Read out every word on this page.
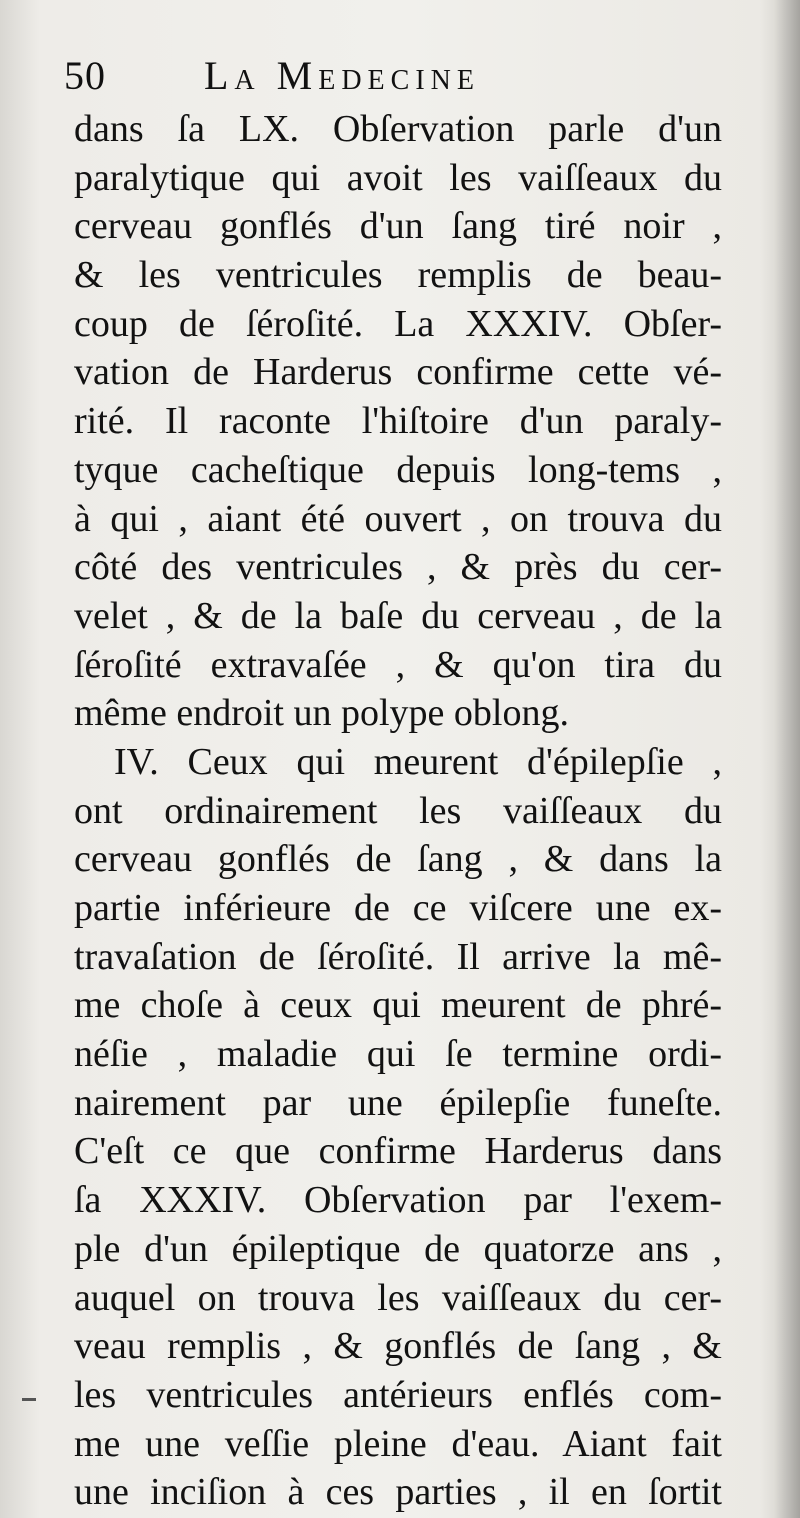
50 La Medecine
dans ſa LX. Obſervation parle d'un
paralytique qui avoit les vaiſſeaux du
cerveau gonflés d'un ſang tiré noir ,
& les ventricules remplis de beau-
coup de ſéroſité. La XXXIV. Obſer-
vation de Harderus confirme cette vé-
rité. Il raconte l'hiſtoire d'un paraly-
tyque cacheſtique depuis long-tems ,
à qui , aiant été ouvert , on trouva du
côté des ventricules , & près du cer-
velet , & de la baſe du cerveau , de la
ſéroſité extravaſée , & qu'on tira du
même endroit un polype oblong.
IV. Ceux qui meurent d'épilepſie ,
ont ordinairement les vaiſſeaux du
cerveau gonflés de ſang , & dans la
partie inférieure de ce viſcere une ex-
travaſation de ſéroſité. Il arrive la mê-
me choſe à ceux qui meurent de phré-
néſie , maladie qui ſe termine ordi-
nairement par une épilepſie funeſte.
C'eſt ce que confirme Harderus dans
ſa XXXIV. Obſervation par l'exem-
ple d'un épileptique de quatorze ans ,
auquel on trouva les vaiſſeaux du cer-
veau remplis , & gonflés de ſang , &
les ventricules antérieurs enflés com-
me une veſſie pleine d'eau. Aiant fait
une inciſion à ces parties , il en ſortit
